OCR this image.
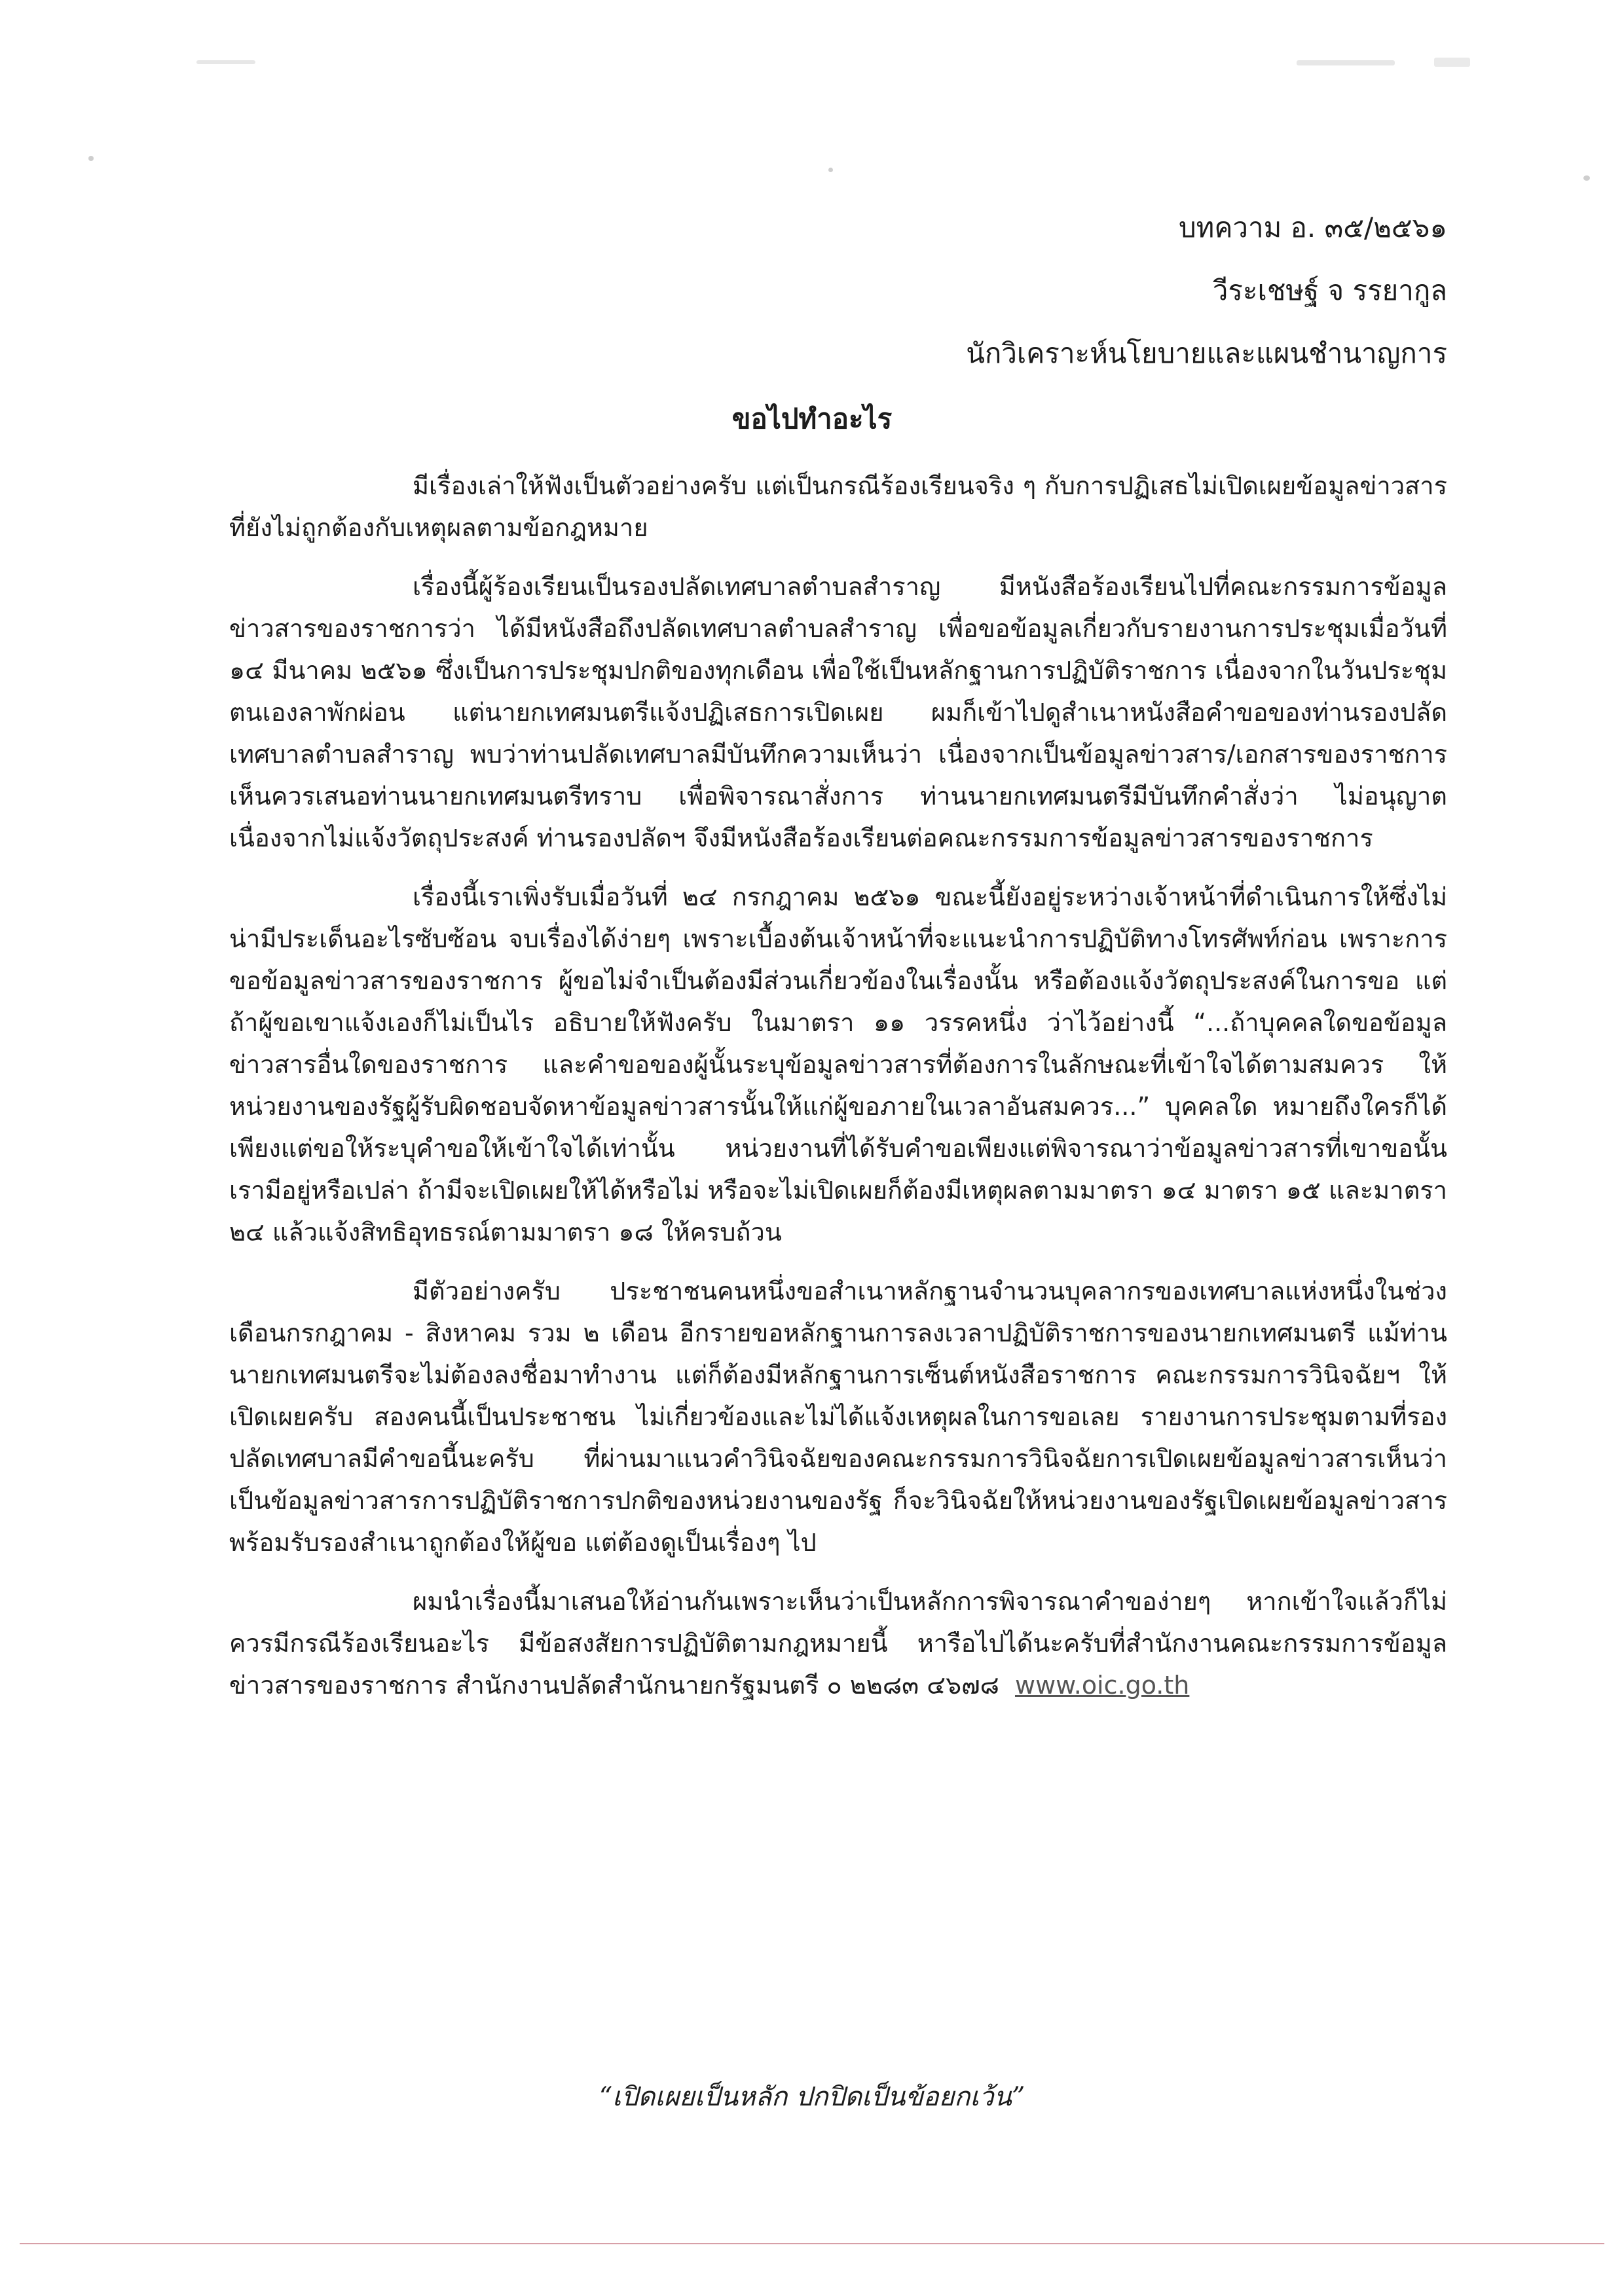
บทความ อ. ๓๕/๒๕๖๑
วีระเชษฐ์ จ รรยากูล
นักวิเคราะห์นโยบายและแผนชำนาญการ
ขอไปทำอะไร

มีเรื่องเล่าให้ฟังเป็นตัวอย่างครับ แต่เป็นกรณีร้องเรียนจริง ๆ กับการปฏิเสธไม่เปิดเผยข้อมูลข่าวสารที่ยังไม่ถูกต้องกับเหตุผลตามข้อกฎหมาย

เรื่องนี้ผู้ร้องเรียนเป็นรองปลัดเทศบาลตำบลสำราญ มีหนังสือร้องเรียนไปที่คณะกรรมการข้อมูลข่าวสารของราชการว่า ได้มีหนังสือถึงปลัดเทศบาลตำบลสำราญ เพื่อขอข้อมูลเกี่ยวกับรายงานการประชุมเมื่อวันที่ ๑๔ มีนาคม ๒๕๖๑ ซึ่งเป็นการประชุมปกติของทุกเดือน เพื่อใช้เป็นหลักฐานการปฏิบัติราชการ เนื่องจากในวันประชุมตนเองลาพักผ่อน แต่นายกเทศมนตรีแจ้งปฏิเสธการเปิดเผย ผมก็เข้าไปดูสำเนาหนังสือคำขอของท่านรองปลัดเทศบาลตำบลสำราญ พบว่าท่านปลัดเทศบาลมีบันทึกความเห็นว่า เนื่องจากเป็นข้อมูลข่าวสาร/เอกสารของราชการ เห็นควรเสนอท่านนายกเทศมนตรีทราบ เพื่อพิจารณาสั่งการ ท่านนายกเทศมนตรีมีบันทึกคำสั่งว่า ไม่อนุญาต เนื่องจากไม่แจ้งวัตถุประสงค์ ท่านรองปลัดฯ จึงมีหนังสือร้องเรียนต่อคณะกรรมการข้อมูลข่าวสารของราชการ

เรื่องนี้เราเพิ่งรับเมื่อวันที่ ๒๔ กรกฎาคม ๒๕๖๑ ขณะนี้ยังอยู่ระหว่างเจ้าหน้าที่ดำเนินการให้ซึ่งไม่น่ามีประเด็นอะไรซับซ้อน จบเรื่องได้ง่ายๆ เพราะเบื้องต้นเจ้าหน้าที่จะแนะนำการปฏิบัติทางโทรศัพท์ก่อน เพราะการขอข้อมูลข่าวสารของราชการ ผู้ขอไม่จำเป็นต้องมีส่วนเกี่ยวข้องในเรื่องนั้น หรือต้องแจ้งวัตถุประสงค์ในการขอ แต่ถ้าผู้ขอเขาแจ้งเองก็ไม่เป็นไร อธิบายให้ฟังครับ ในมาตรา ๑๑ วรรคหนึ่ง ว่าไว้อย่างนี้ “...ถ้าบุคคลใดขอข้อมูลข่าวสารอื่นใดของราชการ และคำขอของผู้นั้นระบุข้อมูลข่าวสารที่ต้องการในลักษณะที่เข้าใจได้ตามสมควร ให้หน่วยงานของรัฐผู้รับผิดชอบจัดหาข้อมูลข่าวสารนั้นให้แก่ผู้ขอภายในเวลาอันสมควร...” บุคคลใด หมายถึงใครก็ได้ เพียงแต่ขอให้ระบุคำขอให้เข้าใจได้เท่านั้น หน่วยงานที่ได้รับคำขอเพียงแต่พิจารณาว่าข้อมูลข่าวสารที่เขาขอนั้น เรามีอยู่หรือเปล่า ถ้ามีจะเปิดเผยให้ได้หรือไม่ หรือจะไม่เปิดเผยก็ต้องมีเหตุผลตามมาตรา ๑๔ มาตรา ๑๕ และมาตรา ๒๔ แล้วแจ้งสิทธิอุทธรณ์ตามมาตรา ๑๘ ให้ครบถ้วน

มีตัวอย่างครับ ประชาชนคนหนึ่งขอสำเนาหลักฐานจำนวนบุคลากรของเทศบาลแห่งหนึ่งในช่วงเดือนกรกฎาคม - สิงหาคม รวม ๒ เดือน อีกรายขอหลักฐานการลงเวลาปฏิบัติราชการของนายกเทศมนตรี แม้ท่านนายกเทศมนตรีจะไม่ต้องลงชื่อมาทำงาน แต่ก็ต้องมีหลักฐานการเซ็นต์หนังสือราชการ คณะกรรมการวินิจฉัยฯ ให้เปิดเผยครับ สองคนนี้เป็นประชาชน ไม่เกี่ยวข้องและไม่ได้แจ้งเหตุผลในการขอเลย รายงานการประชุมตามที่รองปลัดเทศบาลมีคำขอนี้นะครับ ที่ผ่านมาแนวคำวินิจฉัยของคณะกรรมการวินิจฉัยการเปิดเผยข้อมูลข่าวสารเห็นว่า เป็นข้อมูลข่าวสารการปฏิบัติราชการปกติของหน่วยงานของรัฐ ก็จะวินิจฉัยให้หน่วยงานของรัฐเปิดเผยข้อมูลข่าวสาร พร้อมรับรองสำเนาถูกต้องให้ผู้ขอ แต่ต้องดูเป็นเรื่องๆ ไป

ผมนำเรื่องนี้มาเสนอให้อ่านกันเพราะเห็นว่าเป็นหลักการพิจารณาคำของ่ายๆ หากเข้าใจแล้วก็ไม่ควรมีกรณีร้องเรียนอะไร มีข้อสงสัยการปฏิบัติตามกฎหมายนี้ หารือไปได้นะครับที่สำนักงานคณะกรรมการข้อมูลข่าวสารของราชการ สำนักงานปลัดสำนักนายกรัฐมนตรี ๐ ๒๒๘๓ ๔๖๗๘ www.oic.go.th

“เปิดเผยเป็นหลัก ปกปิดเป็นข้อยกเว้น”
